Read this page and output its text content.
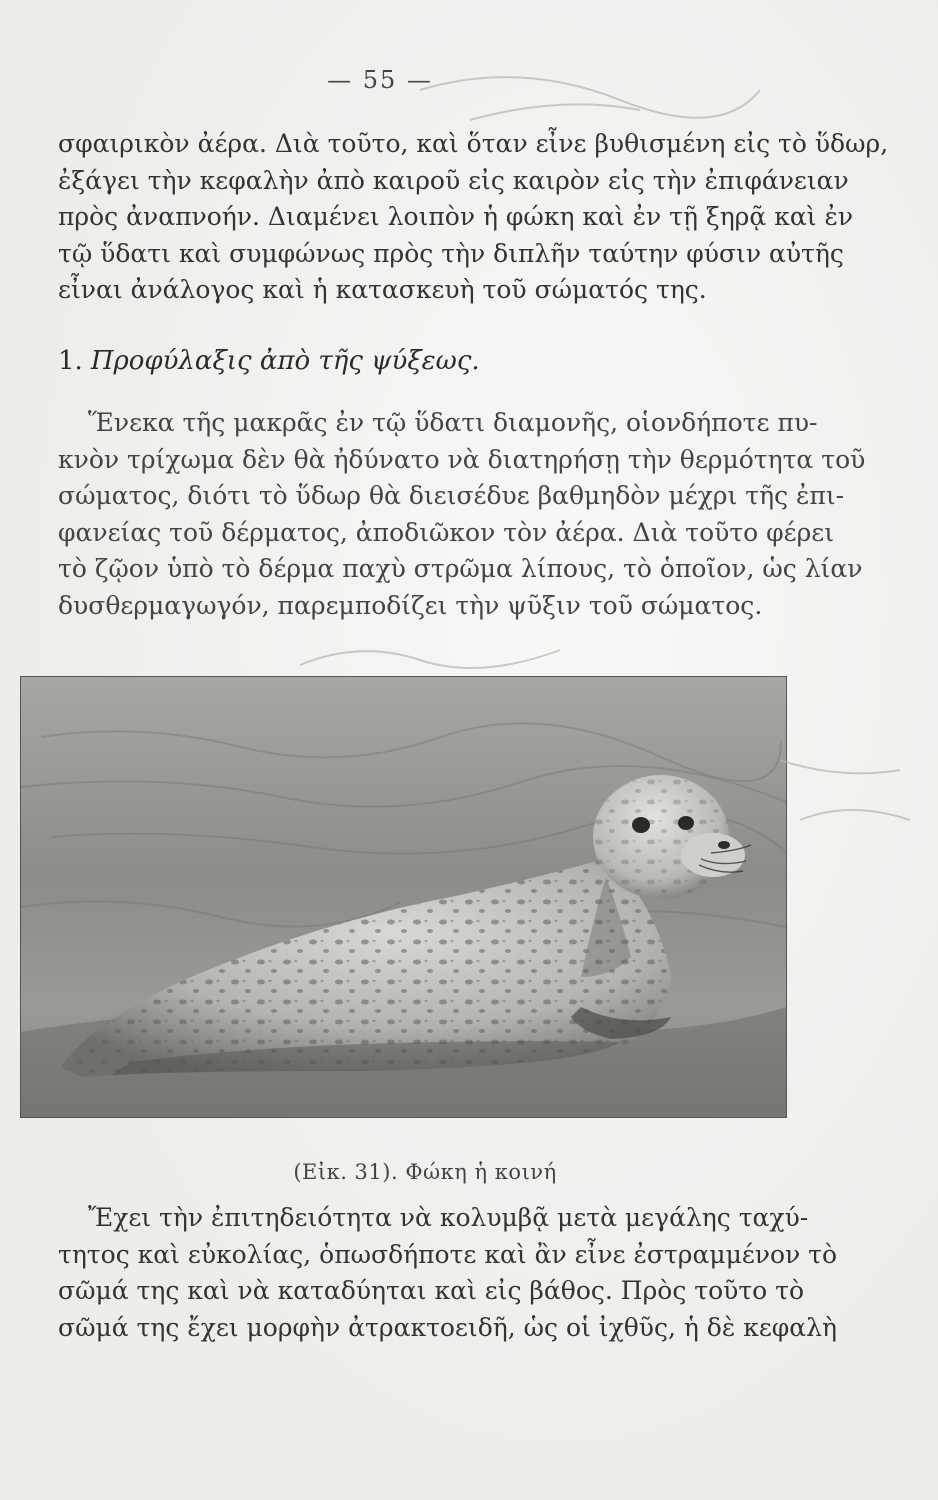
— 55 —
σφαιρικὸν ἀέρα. Διὰ τοῦτο, καὶ ὅταν εἶνε βυθισμένη εἰς τὸ ὕδωρ,
ἐξάγει τὴν κεφαλὴν ἀπὸ καιροῦ εἰς καιρὸν εἰς τὴν ἐπιφάνειαν
πρὸς ἀναπνοήν. Διαμένει λοιπὸν ἡ φώκη καὶ ἐν τῇ ξηρᾷ καὶ ἐν
τῷ ὕδατι καὶ συμφώνως πρὸς τὴν διπλῆν ταύτην φύσιν αὐτῆς
εἶναι ἀνάλογος καὶ ἡ κατασκευὴ τοῦ σώματός της.
1. Προφύλαξις ἀπὸ τῆς ψύξεως.
Ἕνεκα τῆς μακρᾶς ἐν τῷ ὕδατι διαμονῆς, οἱονδήποτε πυ-
κνὸν τρίχωμα δὲν θὰ ἠδύνατο νὰ διατηρήσῃ τὴν θερμότητα τοῦ
σώματος, διότι τὸ ὕδωρ θὰ διεισέδυε βαθμηδὸν μέχρι τῆς ἐπι-
φανείας τοῦ δέρματος, ἀποδιῶκον τὸν ἀέρα. Διὰ τοῦτο φέρει
τὸ ζῷον ὑπὸ τὸ δέρμα παχὺ στρῶμα λίπους, τὸ ὁποῖον, ὡς λίαν
δυσθερμαγωγόν, παρεμποδίζει τὴν ψῦξιν τοῦ σώματος.
(Εἰκ. 31). Φώκη ἡ κοινή
Ἔχει τὴν ἐπιτηδειότητα νὰ κολυμβᾷ μετὰ μεγάλης ταχύ-
τητος καὶ εὐκολίας, ὁπωσδήποτε καὶ ἂν εἶνε ἐστραμμένον τὸ
σῶμά της καὶ νὰ καταδύηται καὶ εἰς βάθος. Πρὸς τοῦτο τὸ
σῶμά της ἔχει μορφὴν ἀτρακτοειδῆ, ὡς οἱ ἰχθῦς, ἡ δὲ κεφαλὴ
